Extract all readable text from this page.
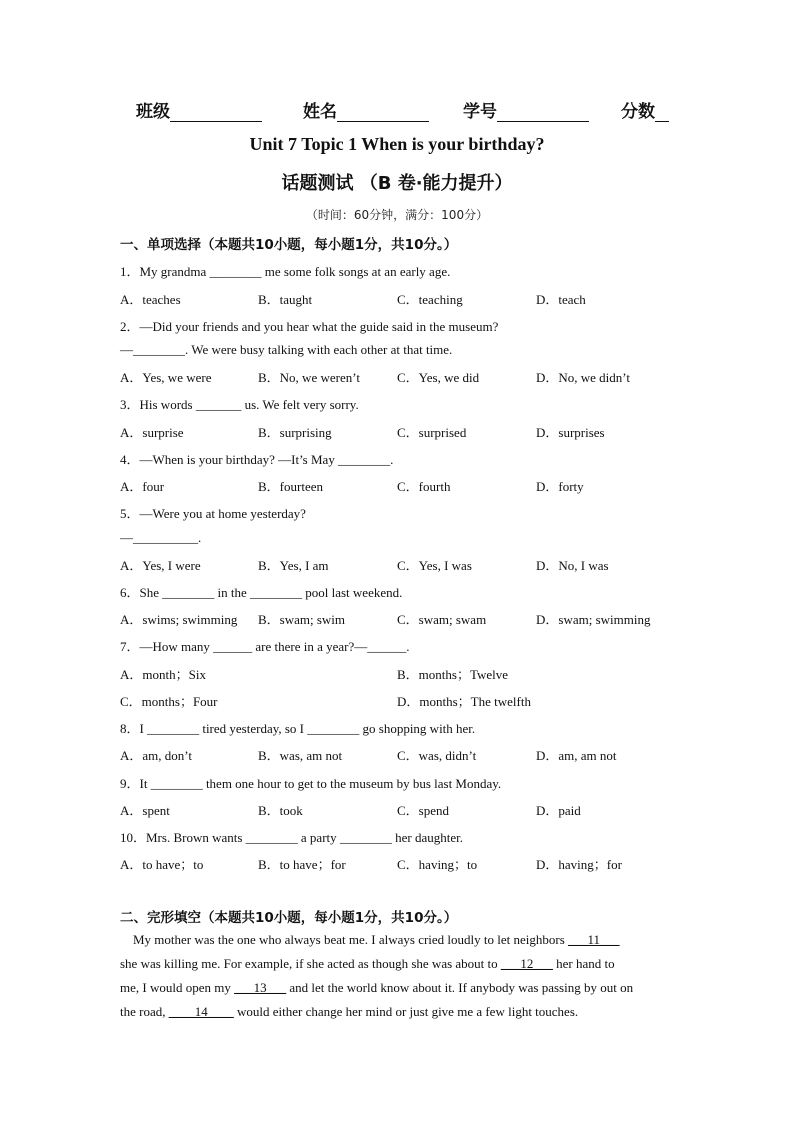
班级	姓名	学号	分数
Unit 7 Topic 1 When is your birthday?
话题测试 （B 卷·能力提升）
（时间：60分钟，满分：100分）
一、单项选择（本题共10小题，每小题1分，共10分。）
1．My grandma ________ me some folk songs at an early age.
A．teaches	B．taught	C．teaching	D．teach
2．—Did your friends and you hear what the guide said in the museum?
—________. We were busy talking with each other at that time.
A．Yes, we were	B．No, we weren’t	C．Yes, we did	D．No, we didn’t
3．His words _______ us. We felt very sorry.
A．surprise	B．surprising	C．surprised	D．surprises
4．—When is your birthday? —It’s May ________.
A．four	B．fourteen	C．fourth	D．forty
5．—Were you at home yesterday?
—__________.
A．Yes, I were	B．Yes, I am	C．Yes, I was	D．No, I was
6．She ________ in the ________ pool last weekend.
A．swims; swimming B．swam; swim	C．swam; swam	D．swam; swimming
7．—How many ______ are there in a year?—______.
A．month；Six	B．months；Twelve
C．months；Four	D．months；The twelfth
8．I ________ tired yesterday, so I ________ go shopping with her.
A．am, don’t	B．was, am not	C．was, didn’t	D．am, am not
9．It ________ them one hour to get to the museum by bus last Monday.
A．spent	B．took	C．spend	D．paid
10．Mrs. Brown wants ________ a party ________ her daughter.
A．to have；to	B．to have；for	C．having；to	D．having；for
二、完形填空（本题共10小题，每小题1分，共10分。）
My mother was the one who always beat me. I always cried loudly to let neighbors ___11___
she was killing me. For example, if she acted as though she was about to ___12___ her hand to
me, I would open my ___13___ and let the world know about it. If anybody was passing by out on
the road, ____14____ would either change her mind or just give me a few light touches.
